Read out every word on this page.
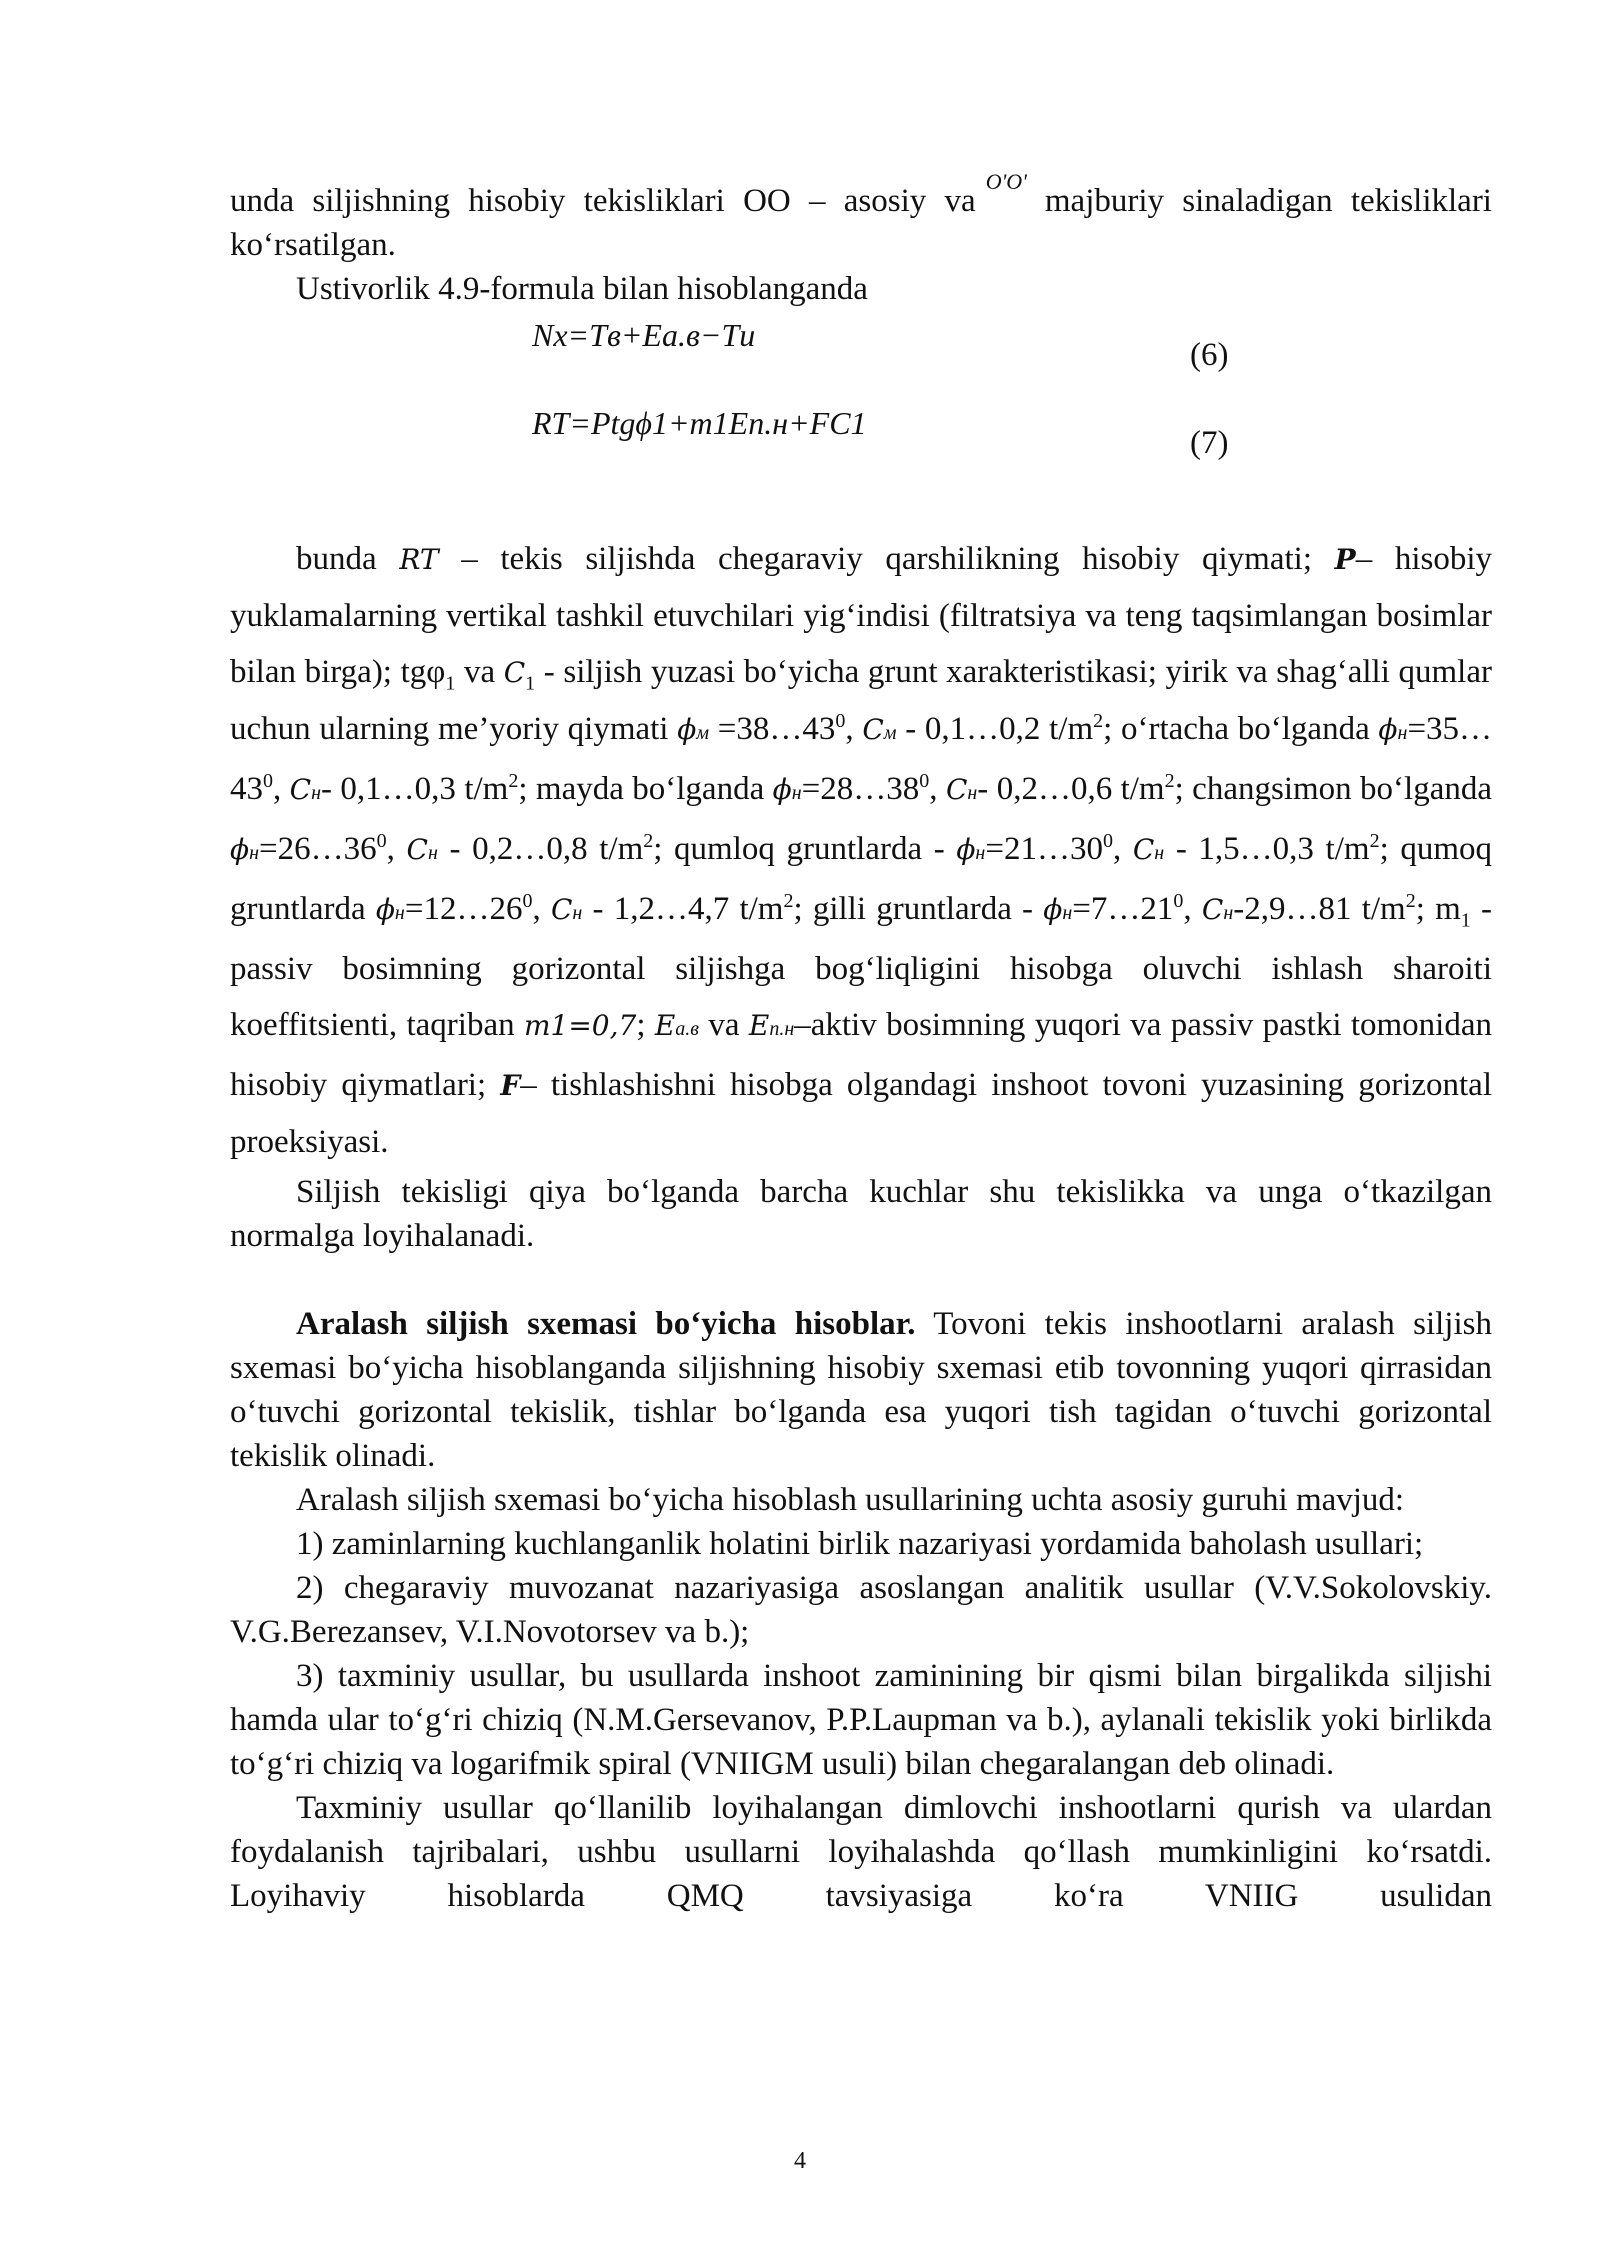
unda siljishning hisobiy tekisliklari OO – asosiy $va^{O'O'}majburiy$ sinaladigan tekisliklari ko‘rsatilgan.

Ustivorlik 4.9-formula bilan hisoblanganda

Nx=Tв+Eа.в−Tи
(6)
RT=Ptgϕ1+m1Eп.н+FC1
(7)

bunda RT – tekis siljishda chegaraviy qarshilikning hisobiy qiymati; P– hisobiy yuklamalarning vertikal tashkil etuvchilari yig‘indisi (filtratsiya va teng taqsimlangan bosimlar bilan birga); tgφ$_1$ va $C_1$ - siljish yuzasi bo‘yicha grunt xarakteristikasi; yirik va shag‘alli qumlar uchun ularning me’yoriy qiymati $\phi м =38\dots 43^0$, Cм - 0,1…0,2 $t/m^2$; o‘rtacha bo‘lganda $\phi н=35\dots 43^0$, Cн- 0,1…0,3 $t/m^2$; mayda bo‘lganda $\phi н=28\dots 38^0$, Cн- 0,2…0,6 $t/m^2$; changsimon bo‘lganda $\phi н=26\dots 36^0$, Cн - 0,2…0,8 $t/m^2$; qumloq gruntlarda - $\phi н=21\dots 30^0$, Cн - 1,5…0,3 $t/m^2$; qumoq gruntlarda $\phi н=12\dots 26^0$, Cн - 1,2…4,7 $t/m^2$; gilli gruntlarda - $\phi н=7\dots 21^0$, Cн-2,9…81 $t/m^2$; $m_1$ - passiv bosimning gorizontal siljishga bog‘liqligini hisobga oluvchi ishlash sharoiti koeffitsienti, taqriban m1=0,7; Eа.в va Eп.н–aktiv bosimning yuqori va passiv pastki tomonidan hisobiy qiymatlari; F– tishlashishni hisobga olgandagi inshoot tovoni yuzasining gorizontal proeksiyasi.

Siljish tekisligi qiya bo‘lganda barcha kuchlar shu tekislikka va unga o‘tkazilgan normalga loyihalanadi.

Aralash siljish sxemasi bo‘yicha hisoblar. Tovoni tekis inshootlarni aralash siljish sxemasi bo‘yicha hisoblanganda siljishning hisobiy sxemasi etib tovonning yuqori qirrasidan o‘tuvchi gorizontal tekislik, tishlar bo‘lganda esa yuqori tish tagidan o‘tuvchi gorizontal tekislik olinadi.

Aralash siljish sxemasi bo‘yicha hisoblash usullarining uchta asosiy guruhi mavjud:

1) zaminlarning kuchlanganlik holatini birlik nazariyasi yordamida baholash usullari;

2) chegaraviy muvozanat nazariyasiga asoslangan analitik usullar (V.V.Sokolovskiy. V.G.Berezansev, V.I.Novotorsev va b.);

3) taxminiy usullar, bu usullarda inshoot zaminining bir qismi bilan birgalikda siljishi hamda ular to‘g‘ri chiziq (N.M.Gersevanov, P.P.Laupman va b.), aylanali tekislik yoki birlikda to‘g‘ri chiziq va logarifmik spiral (VNIIGM usuli) bilan chegaralangan deb olinadi.

Taxminiy usullar qo‘llanilib loyihalangan dimlovchi inshootlarni qurish va ulardan foydalanish tajribalari, ushbu usullarni loyihalashda qo‘llash mumkinligini ko‘rsatdi. Loyihaviy hisoblarda QMQ tavsiyasiga ko‘ra VNIIG usulidan

4
